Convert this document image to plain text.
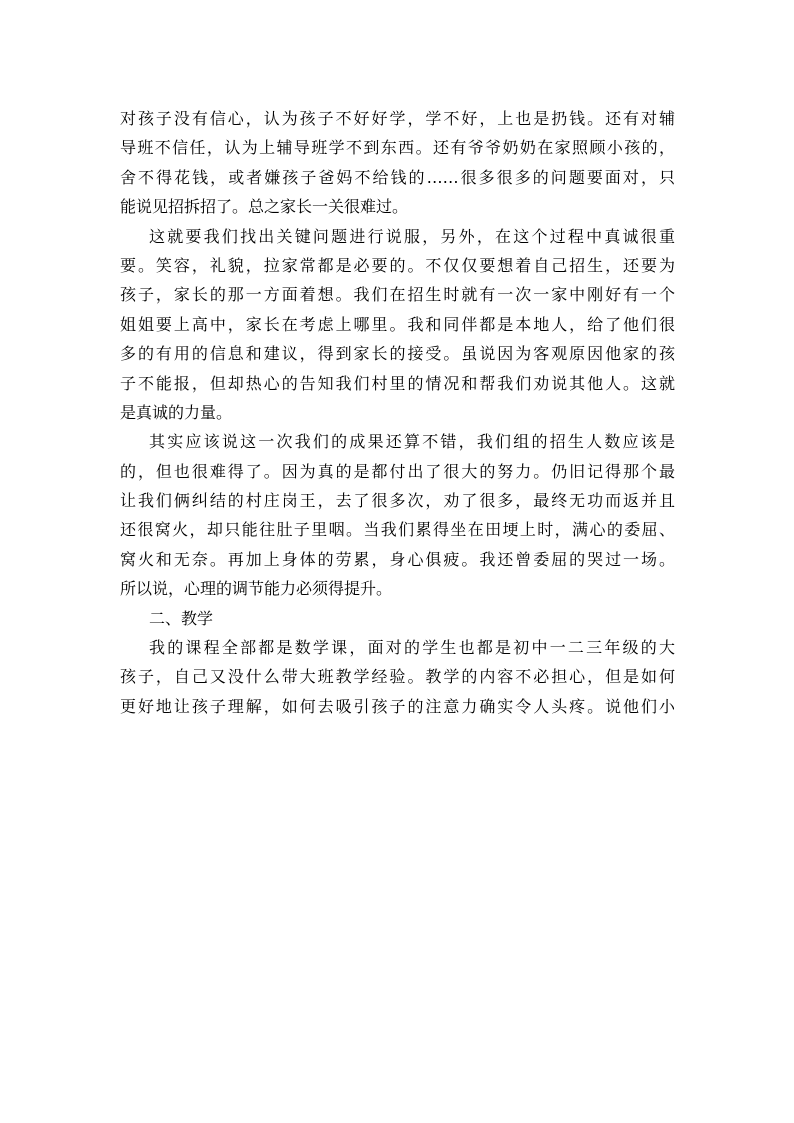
对孩子没有信心，认为孩子不好好学，学不好，上也是扔钱。还有对辅
导班不信任，认为上辅导班学不到东西。还有爷爷奶奶在家照顾小孩的，
舍不得花钱，或者嫌孩子爸妈不给钱的……很多很多的问题要面对，只
能说见招拆招了。总之家长一关很难过。
这就要我们找出关键问题进行说服，另外，在这个过程中真诚很重
要。笑容，礼貌，拉家常都是必要的。不仅仅要想着自己招生，还要为
孩子，家长的那一方面着想。我们在招生时就有一次一家中刚好有一个
姐姐要上高中，家长在考虑上哪里。我和同伴都是本地人，给了他们很
多的有用的信息和建议，得到家长的接受。虽说因为客观原因他家的孩
子不能报，但却热心的告知我们村里的情况和帮我们劝说其他人。这就
是真诚的力量。
其实应该说这一次我们的成果还算不错，我们组的招生人数应该是
的，但也很难得了。因为真的是都付出了很大的努力。仍旧记得那个最
让我们俩纠结的村庄岗王，去了很多次，劝了很多，最终无功而返并且
还很窝火，却只能往肚子里咽。当我们累得坐在田埂上时，满心的委屈、
窝火和无奈。再加上身体的劳累，身心俱疲。我还曾委屈的哭过一场。
所以说，心理的调节能力必须得提升。
二、教学
我的课程全部都是数学课，面对的学生也都是初中一二三年级的大
孩子，自己又没什么带大班教学经验。教学的内容不必担心，但是如何
更好地让孩子理解，如何去吸引孩子的注意力确实令人头疼。说他们小
